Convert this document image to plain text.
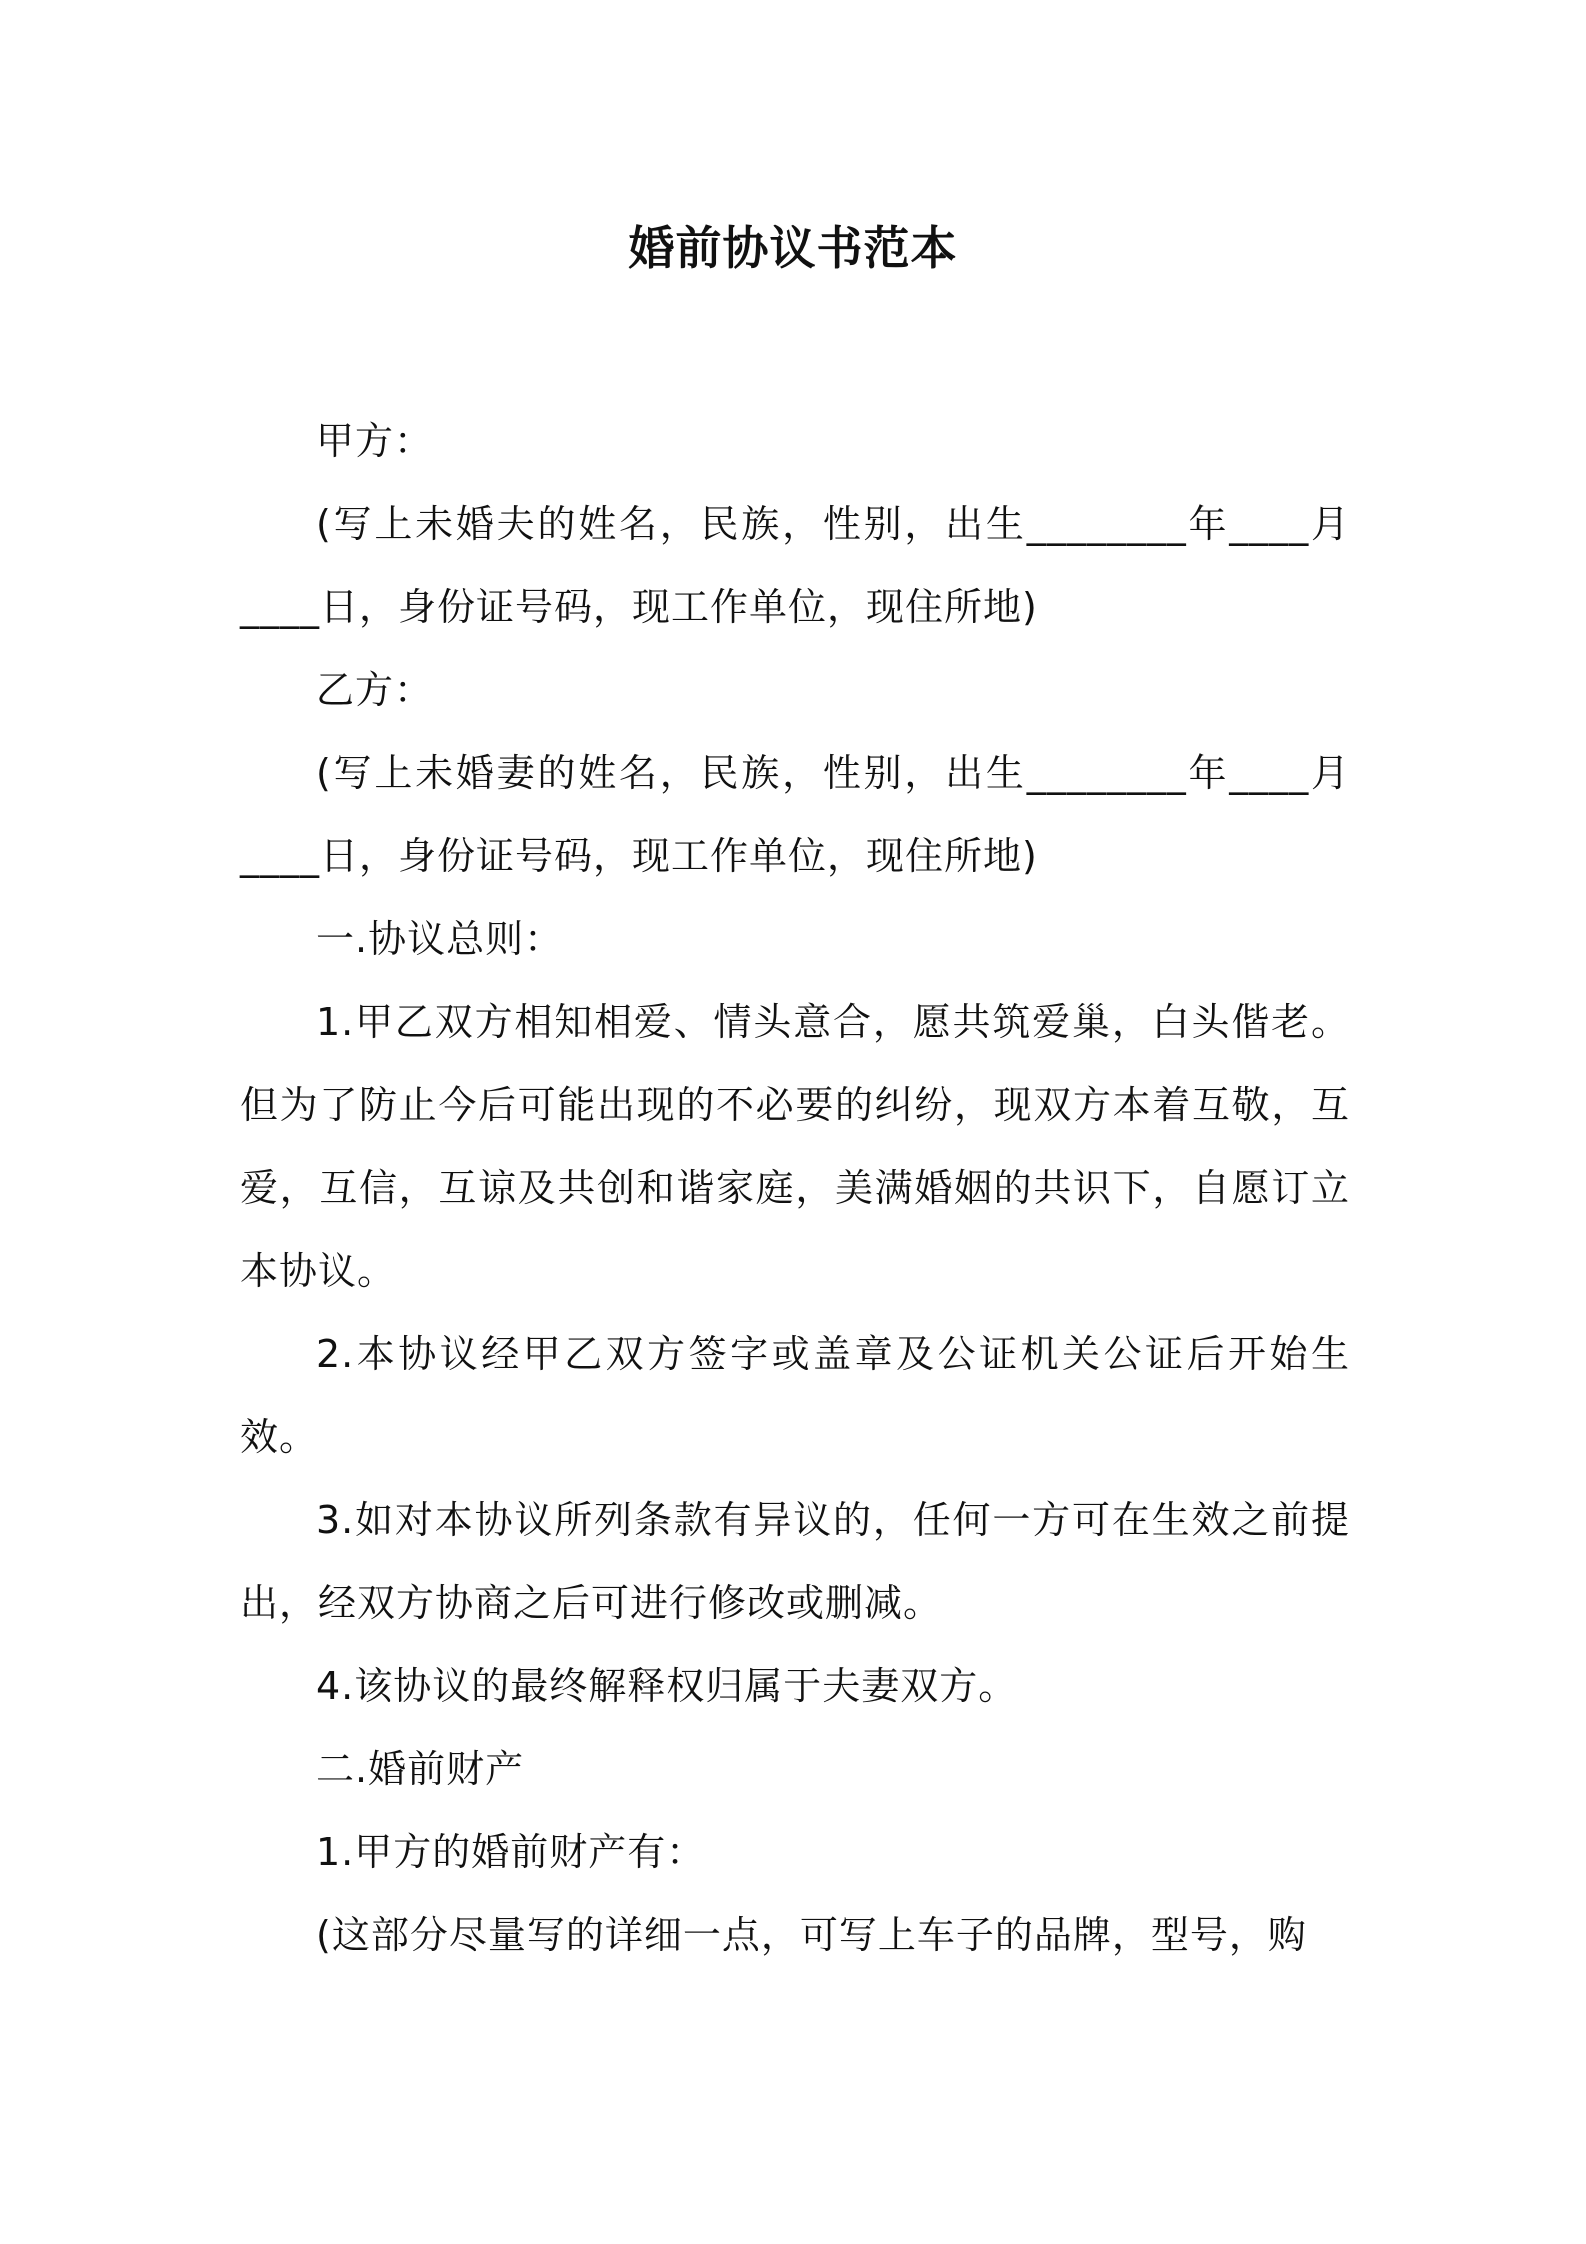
婚前协议书范本

甲方：

(写上未婚夫的姓名，民族，性别，出生________年____月____日，身份证号码，现工作单位，现住所地)

乙方：

(写上未婚妻的姓名，民族，性别，出生________年____月____日，身份证号码，现工作单位，现住所地)

一.协议总则：

1.甲乙双方相知相爱、情头意合，愿共筑爱巢，白头偕老。但为了防止今后可能出现的不必要的纠纷，现双方本着互敬，互爱，互信，互谅及共创和谐家庭，美满婚姻的共识下，自愿订立本协议。

2.本协议经甲乙双方签字或盖章及公证机关公证后开始生效。

3.如对本协议所列条款有异议的，任何一方可在生效之前提出，经双方协商之后可进行修改或删减。

4.该协议的最终解释权归属于夫妻双方。

二.婚前财产

1.甲方的婚前财产有：

(这部分尽量写的详细一点，可写上车子的品牌，型号，购
